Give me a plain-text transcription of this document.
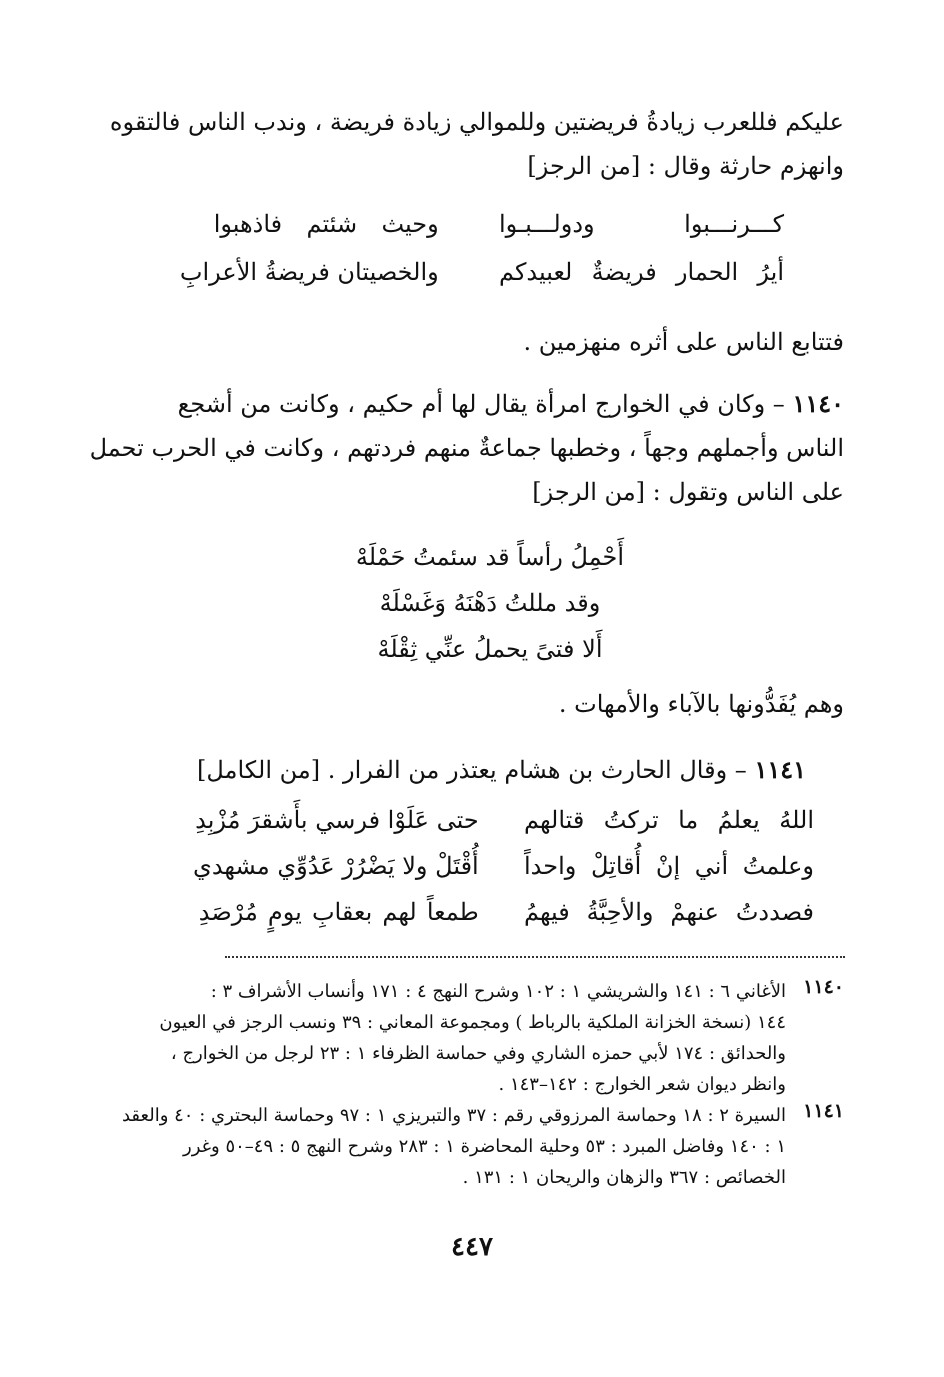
عليكم فللعرب زيادةُ فريضتين وللموالي زيادة فريضة ، وندب الناس فالتقوه
وانهزم حارثة وقال : [من الرجز]
كـــرنـــبوا ودولـــبـوا  وحيث شئتم فاذهبوا
أيرُ الحمار فريضةٌ لعبيدكم  والخصيتان فريضةُ الأعرابِ
فتتابع الناس على أثره منهزمين .
١١٤٠ – وكان في الخوارج امرأة يقال لها أم حكيم ، وكانت من أشجع
الناس وأجملهم وجهاً ، وخطبها جماعةٌ منهم فردتهم ، وكانت في الحرب تحمل
على الناس وتقول : [من الرجز]
أَحْمِلُ رأساً قد سئمتُ حَمْلَهْ
وقد مللتُ دَهْنَهُ وَغَسْلَهْ
أَلا فتىً يحملُ عنِّي ثِقْلَهْ
وهم يُفَدُّونها بالآباء والأمهات .
١١٤١ – وقال الحارث بن هشام يعتذر من الفرار . [من الكامل]
اللهُ يعلمُ ما تركتُ قتالهم  حتى عَلَوْا فرسي بأَشقرَ مُزْبِدِ
وعلمتُ أني إنْ أُقاتِلْ واحداً  أُقْتَلْ ولا يَضْرُرْ عَدُوِّي مشهدي
فصددتُ عنهمْ والأحِبَّةُ فيهمُ  طمعاً لهم بعقابِ يومٍ مُرْصَدِ
١١٤٠
الأغاني ٦ : ١٤١ والشريشي ١ : ١٠٢ وشرح النهج ٤ : ١٧١ وأنساب الأشراف ٣ :
١٤٤ (نسخة الخزانة الملكية بالرباط ) ومجموعة المعاني : ٣٩ ونسب الرجز في العيون
والحدائق : ١٧٤ لأبي حمزه الشاري وفي حماسة الظرفاء ١ : ٢٣ لرجل من الخوارج ،
وانظر ديوان شعر الخوارج : ١٤٢–١٤٣ .
١١٤١
السيرة ٢ : ١٨ وحماسة المرزوقي رقم : ٣٧ والتبريزي ١ : ٩٧ وحماسة البحتري : ٤٠ والعقد
١ : ١٤٠ وفاضل المبرد : ٥٣ وحلية المحاضرة ١ : ٢٨٣ وشرح النهج ٥ : ٤٩–٥٠ وغرر
الخصائص : ٣٦٧ والزهان والريحان ١ : ١٣١ .
٤٤٧
